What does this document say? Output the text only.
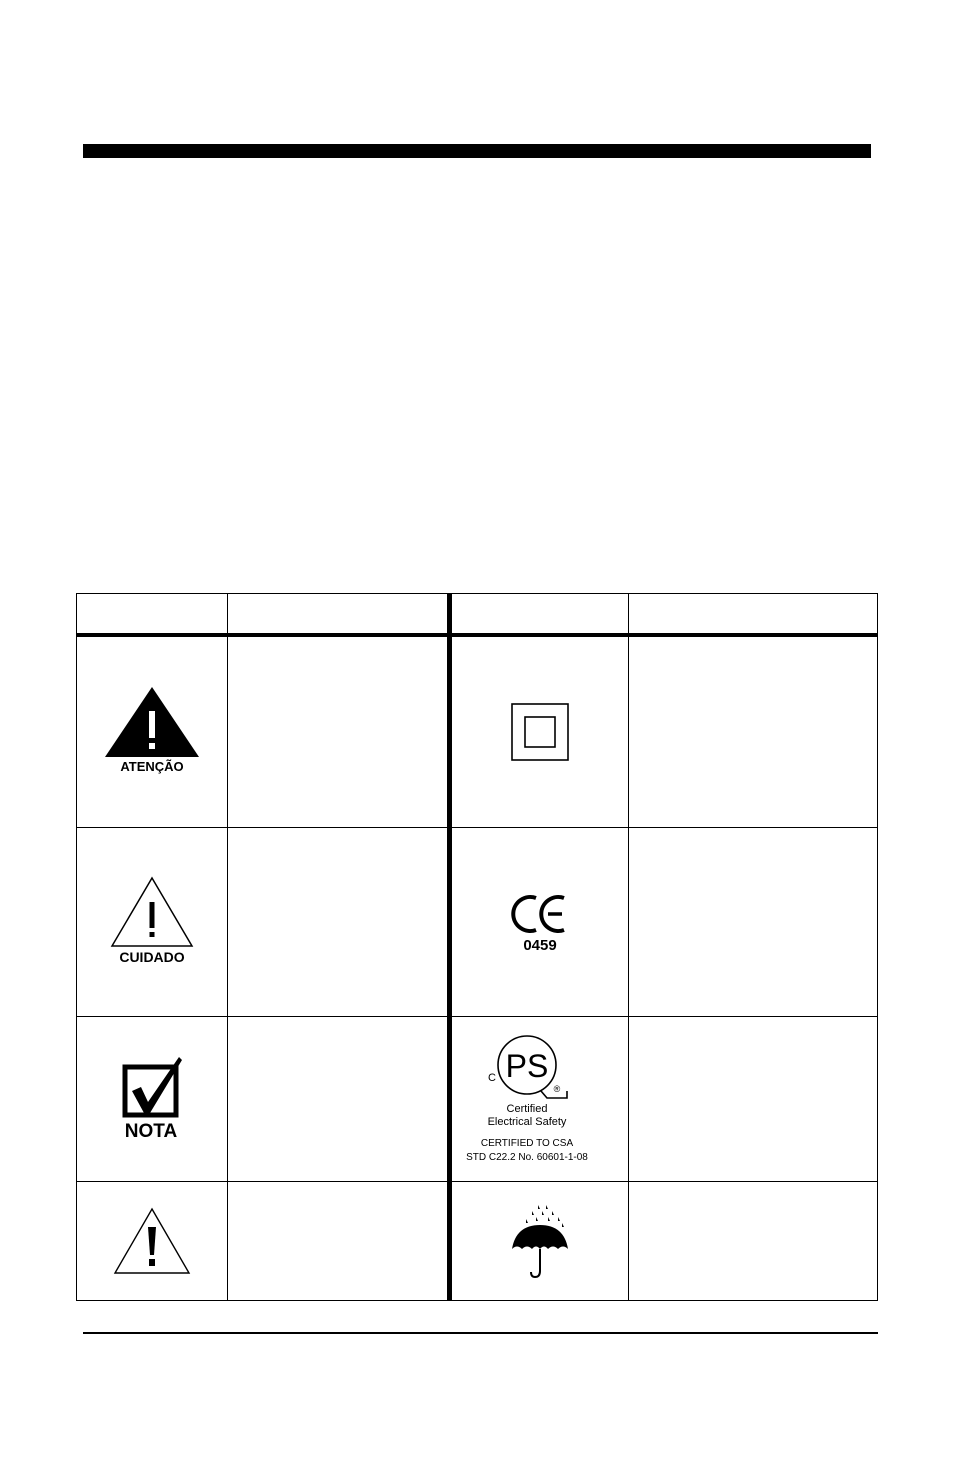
ATENÇÃO
CUIDADO
0459
NOTA
C PS
®
Certified
Electrical Safety
CERTIFIED TO CSA
STD C22.2 No. 60601-1-08
